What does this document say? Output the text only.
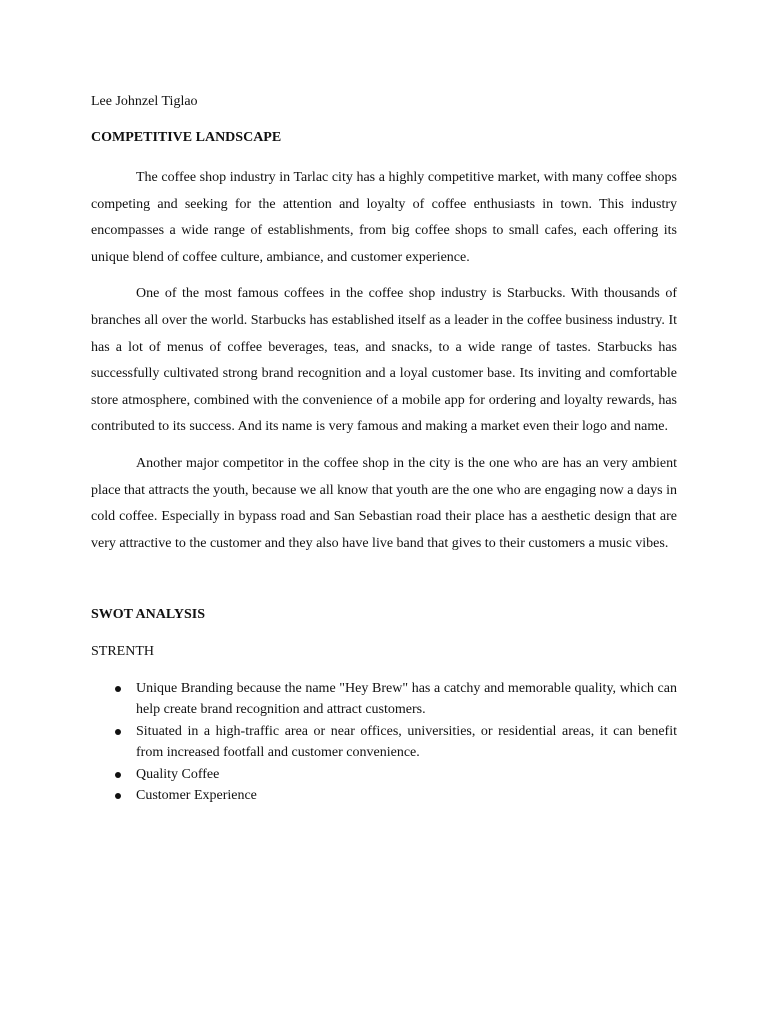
Lee Johnzel Tiglao
COMPETITIVE LANDSCAPE

The coffee shop industry in Tarlac city has a highly competitive market, with many coffee shops competing and seeking for the attention and loyalty of coffee enthusiasts in town. This industry encompasses a wide range of establishments, from big coffee shops to small cafes, each offering its unique blend of coffee culture, ambiance, and customer experience.

One of the most famous coffees in the coffee shop industry is Starbucks. With thousands of branches all over the world. Starbucks has established itself as a leader in the coffee business industry. It has a lot of menus of coffee beverages, teas, and snacks, to a wide range of tastes. Starbucks has successfully cultivated strong brand recognition and a loyal customer base. Its inviting and comfortable store atmosphere, combined with the convenience of a mobile app for ordering and loyalty rewards, has contributed to its success. And its name is very famous and making a market even their logo and name.

Another major competitor in the coffee shop in the city is the one who are has an very ambient place that attracts the youth, because we all know that youth are the one who are engaging now a days in cold coffee. Especially in bypass road and San Sebastian road their place has a aesthetic design that are very attractive to the customer and they also have live band that gives to their customers a music vibes.

SWOT ANALYSIS
STRENTH
Unique Branding because the name "Hey Brew" has a catchy and memorable quality, which can help create brand recognition and attract customers.
Situated in a high-traffic area or near offices, universities, or residential areas, it can benefit from increased footfall and customer convenience.
Quality Coffee
Customer Experience
